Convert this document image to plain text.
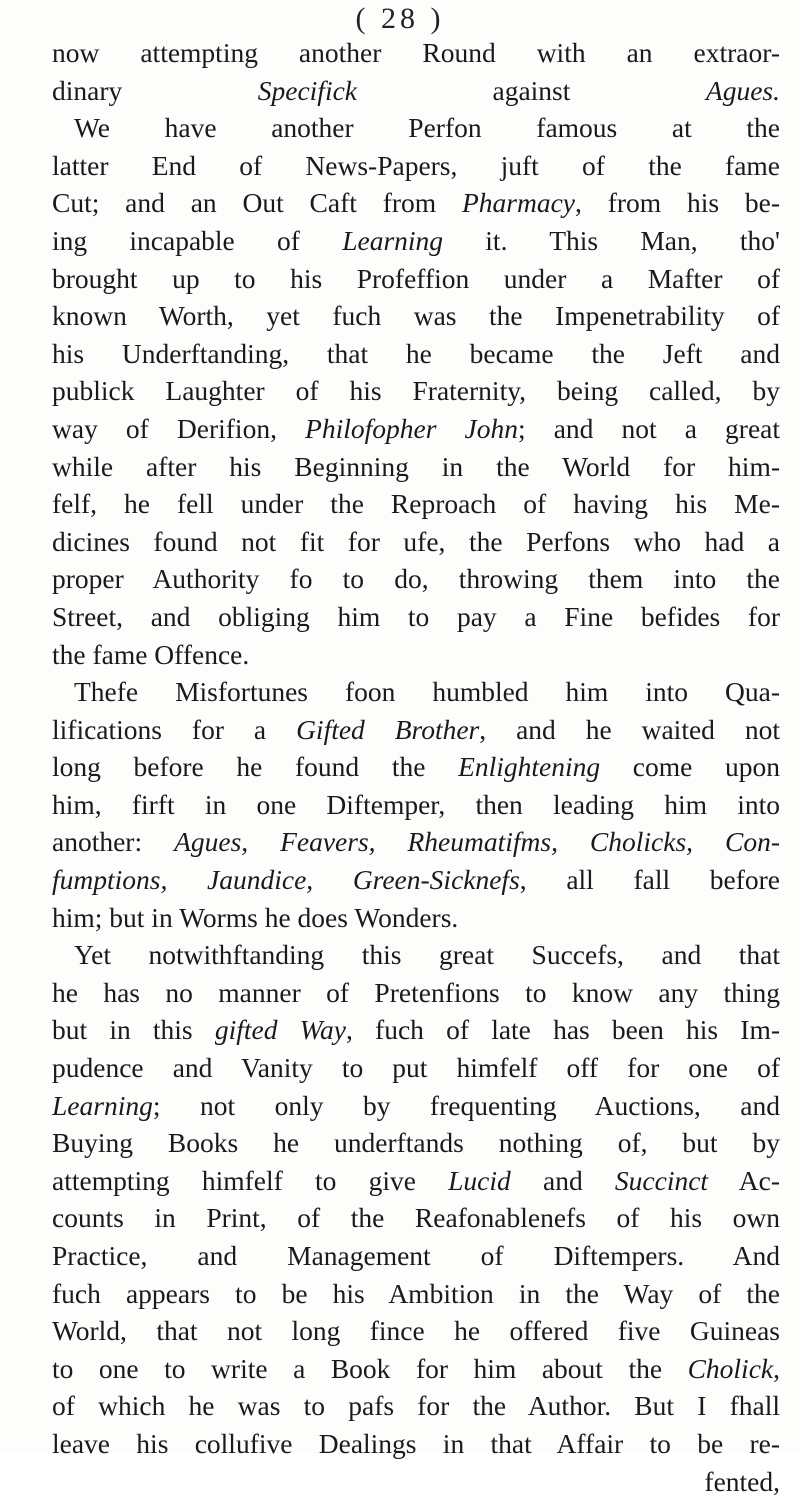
( 28 )
now attempting another Round with an extraor-
dinary Specifick against Agues.
We have another Perfon famous at the
latter End of News-Papers, juft of the fame
Cut; and an Out Caft from Pharmacy, from his be-
ing incapable of Learning it. This Man, tho'
brought up to his Profeffion under a Mafter of
known Worth, yet fuch was the Impenetrability of
his Underftanding, that he became the Jeft and
publick Laughter of his Fraternity, being called, by
way of Derifion, Philofopher John; and not a great
while after his Beginning in the World for him-
felf, he fell under the Reproach of having his Me-
dicines found not fit for ufe, the Perfons who had a
proper Authority fo to do, throwing them into the
Street, and obliging him to pay a Fine befides for
the fame Offence.
Thefe Misfortunes foon humbled him into Qua-
lifications for a Gifted Brother, and he waited not
long before he found the Enlightening come upon
him, firft in one Diftemper, then leading him into
another: Agues, Feavers, Rheumatifms, Cholicks, Con-
fumptions, Jaundice, Green-Sicknefs, all fall before
him; but in Worms he does Wonders.
Yet notwithftanding this great Succefs, and that
he has no manner of Pretenfions to know any thing
but in this gifted Way, fuch of late has been his Im-
pudence and Vanity to put himfelf off for one of
Learning; not only by frequenting Auctions, and
Buying Books he underftands nothing of, but by
attempting himfelf to give Lucid and Succinct Ac-
counts in Print, of the Reafonablenefs of his own
Practice, and Management of Diftempers. And
fuch appears to be his Ambition in the Way of the
World, that not long fince he offered five Guineas
to one to write a Book for him about the Cholick,
of which he was to pafs for the Author. But I fhall
leave his collufive Dealings in that Affair to be re-
fented,
